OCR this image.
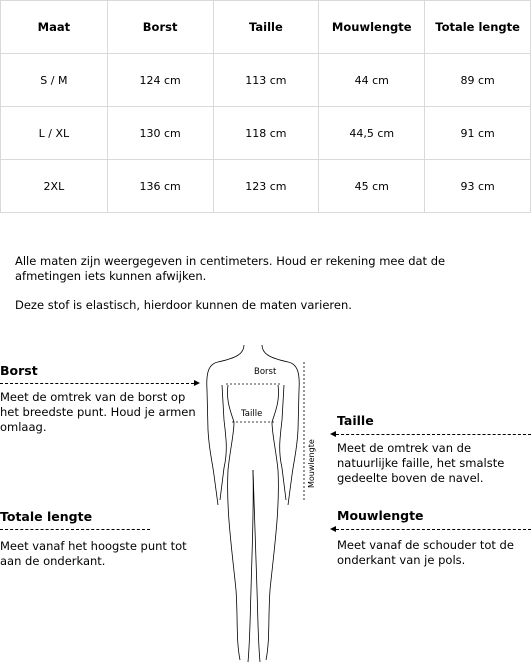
Maat	Borst	Taille	Mouwlengte	Totale lengte
S / M	124 cm	113 cm	44 cm	89 cm
L / XL	130 cm	118 cm	44,5 cm	91 cm
2XL	136 cm	123 cm	45 cm	93 cm

Alle maten zijn weergegeven in centimeters. Houd er rekening mee dat de afmetingen iets kunnen afwijken.

Deze stof is elastisch, hierdoor kunnen de maten varieren.

Borst
Meet de omtrek van de borst op het breedste punt. Houd je armen omlaag.	Taille
Meet de omtrek van de natuurlijke faille, het smalste gedeelte boven de navel.
Totale lengte
Meet vanaf het hoogste punt tot aan de onderkant.
Mouwlengte
Meet vanaf de schouder tot de onderkant van je pols.
Borst
Taille
Mouwlengte
